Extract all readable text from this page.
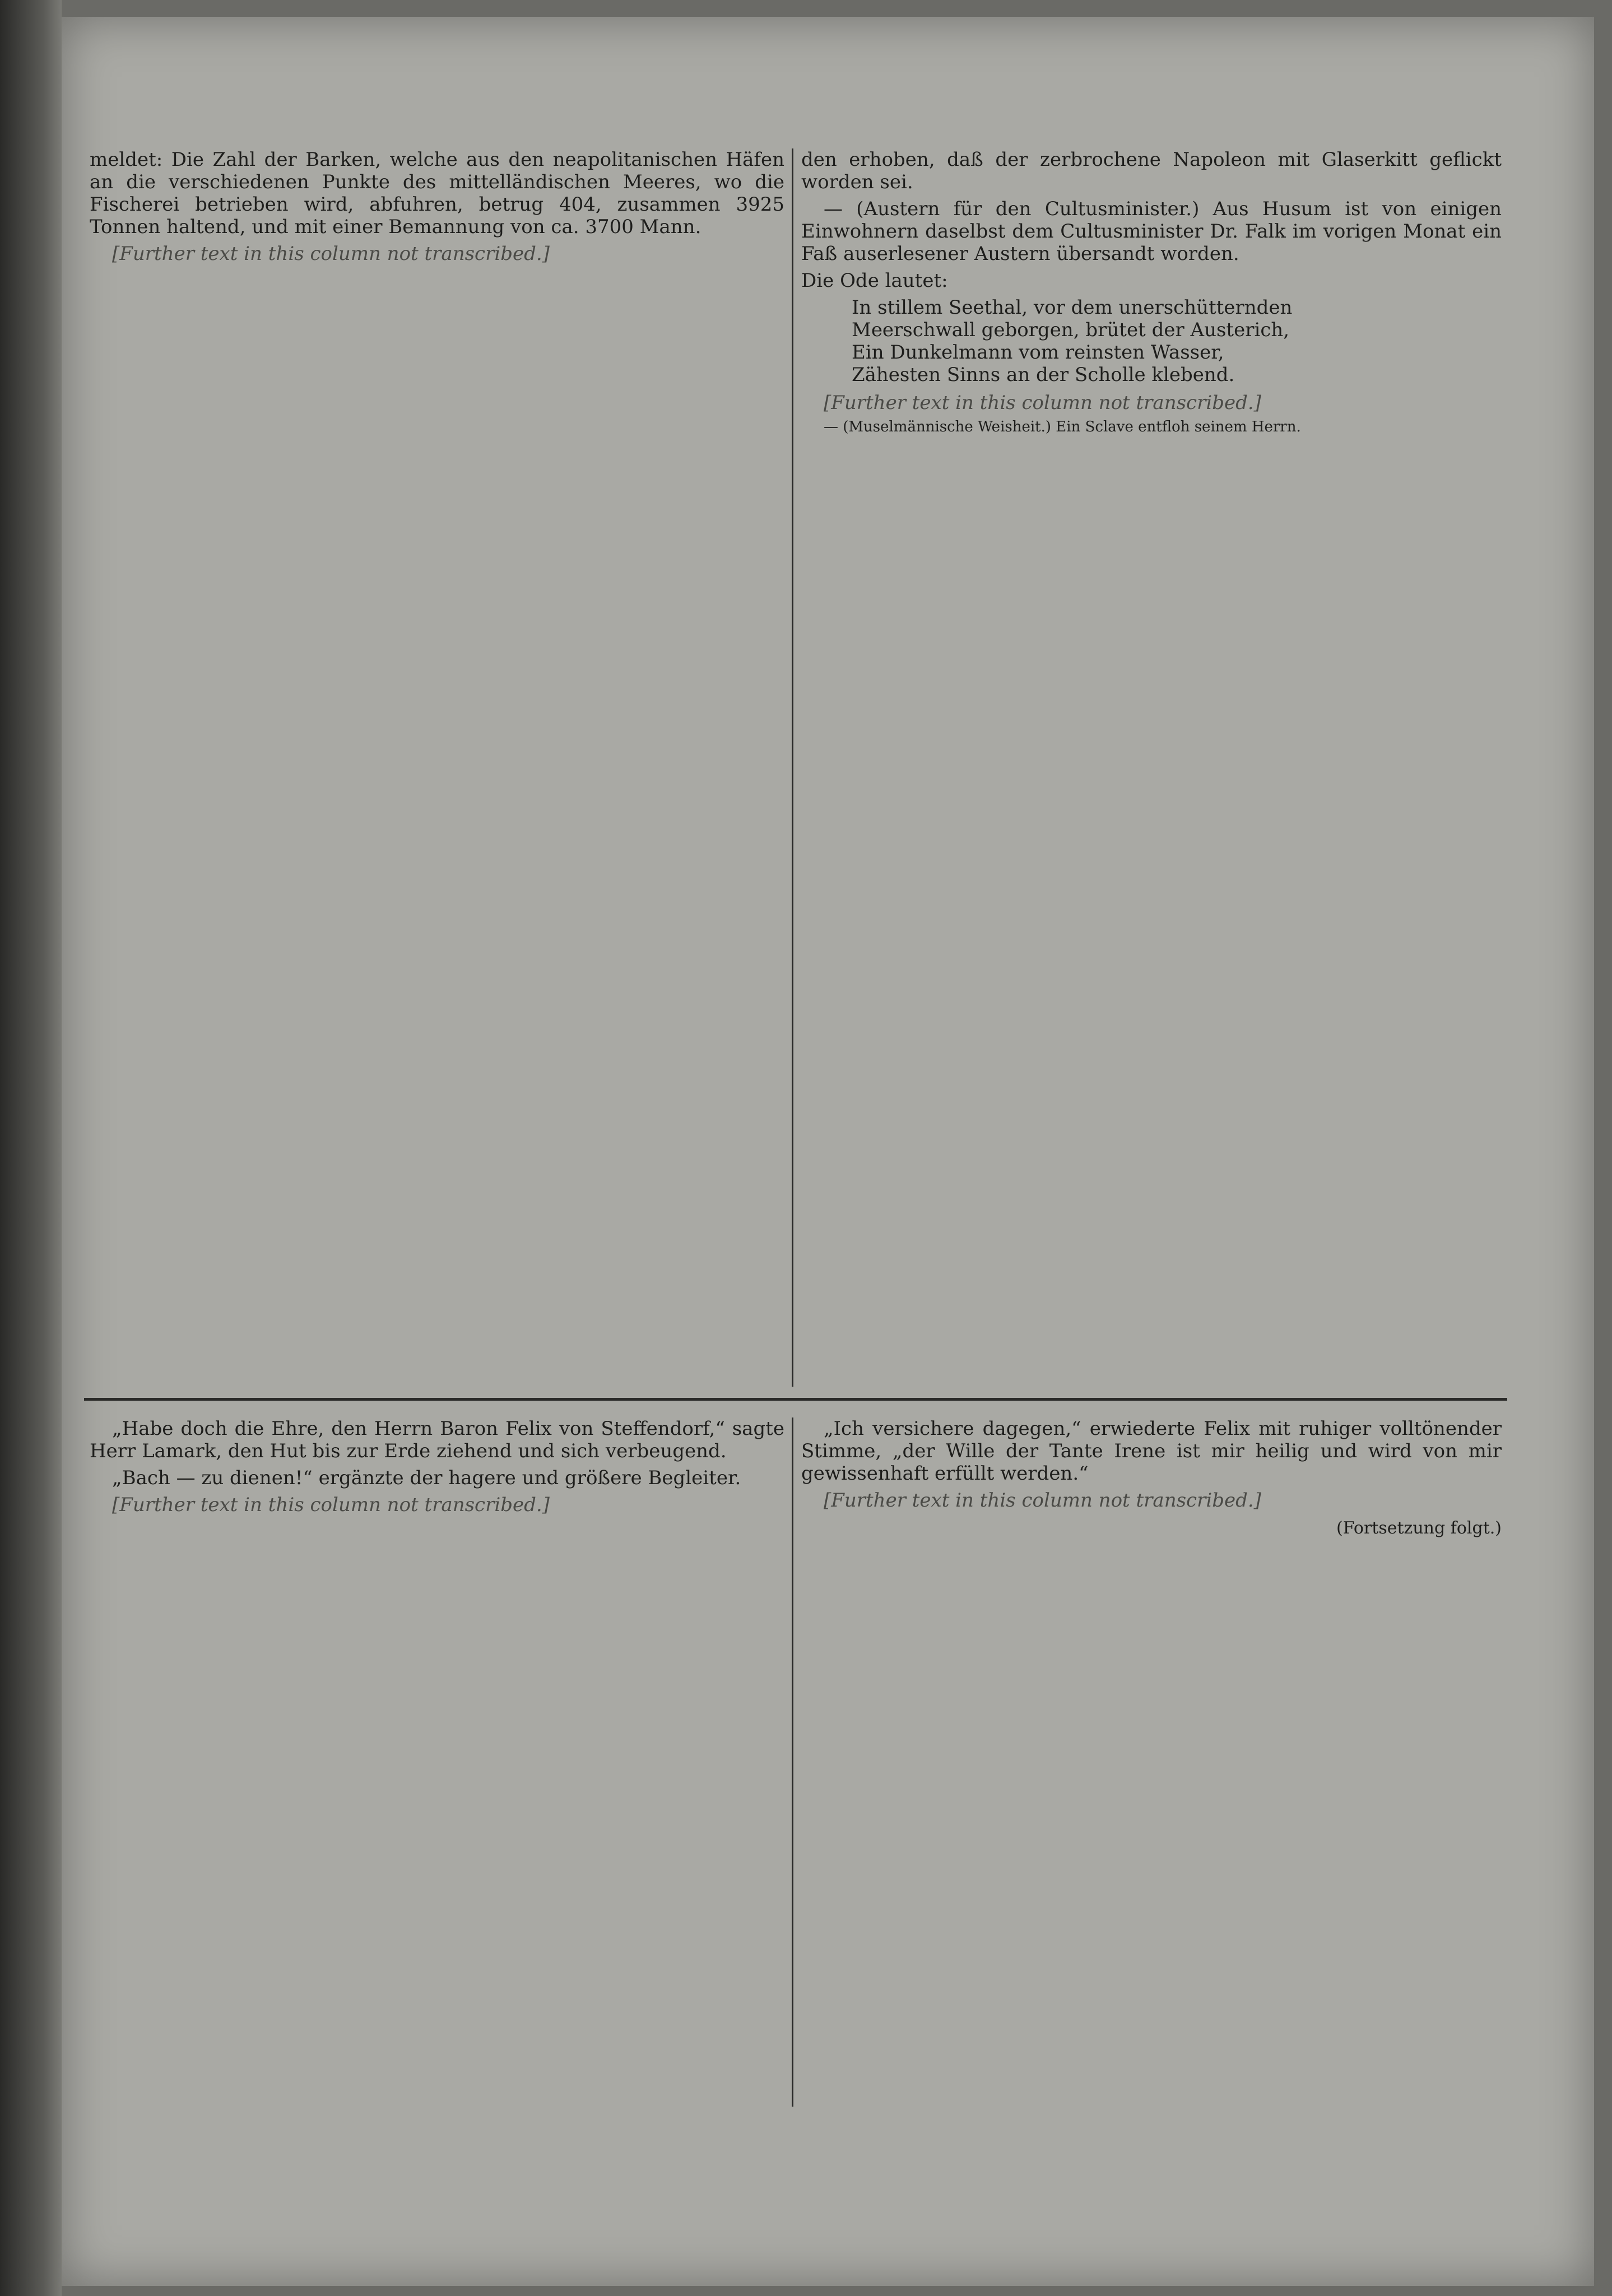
meldet: Die Zahl der Barken, welche aus den neapolitanischen Häfen an die verschiedenen Punkte des mittelländischen Meeres, wo die Fischerei betrieben wird, abfuhren, betrug 404, zusammen 3925 Tonnen haltend, und mit einer Bemannung von ca. 3700 Mann.

[Further text in this column not transcribed.]

den erhoben, daß der zerbrochene Napoleon mit Glaserkitt geflickt worden sei.

— (Austern für den Cultusminister.) Aus Husum ist von einigen Einwohnern daselbst dem Cultusminister Dr. Falk im vorigen Monat ein Faß auserlesener Austern übersandt worden.

Die Ode lautet:

In stillem Seethal, vor dem unerschütternden
Meerschwall geborgen, brütet der Austerich,
Ein Dunkelmann vom reinsten Wasser,
Zähesten Sinns an der Scholle klebend.

[Further text in this column not transcribed.]

— (Muselmännische Weisheit.) Ein Sclave entfloh seinem Herrn.

„Habe doch die Ehre, den Herrn Baron Felix von Steffendorf,“ sagte Herr Lamark, den Hut bis zur Erde ziehend und sich verbeugend.

„Bach — zu dienen!“ ergänzte der hagere und größere Begleiter.

[Further text in this column not transcribed.]

„Ich versichere dagegen,“ erwiederte Felix mit ruhiger volltönender Stimme, „der Wille der Tante Irene ist mir heilig und wird von mir gewissenhaft erfüllt werden.“

[Further text in this column not transcribed.]

(Fortsetzung folgt.)
